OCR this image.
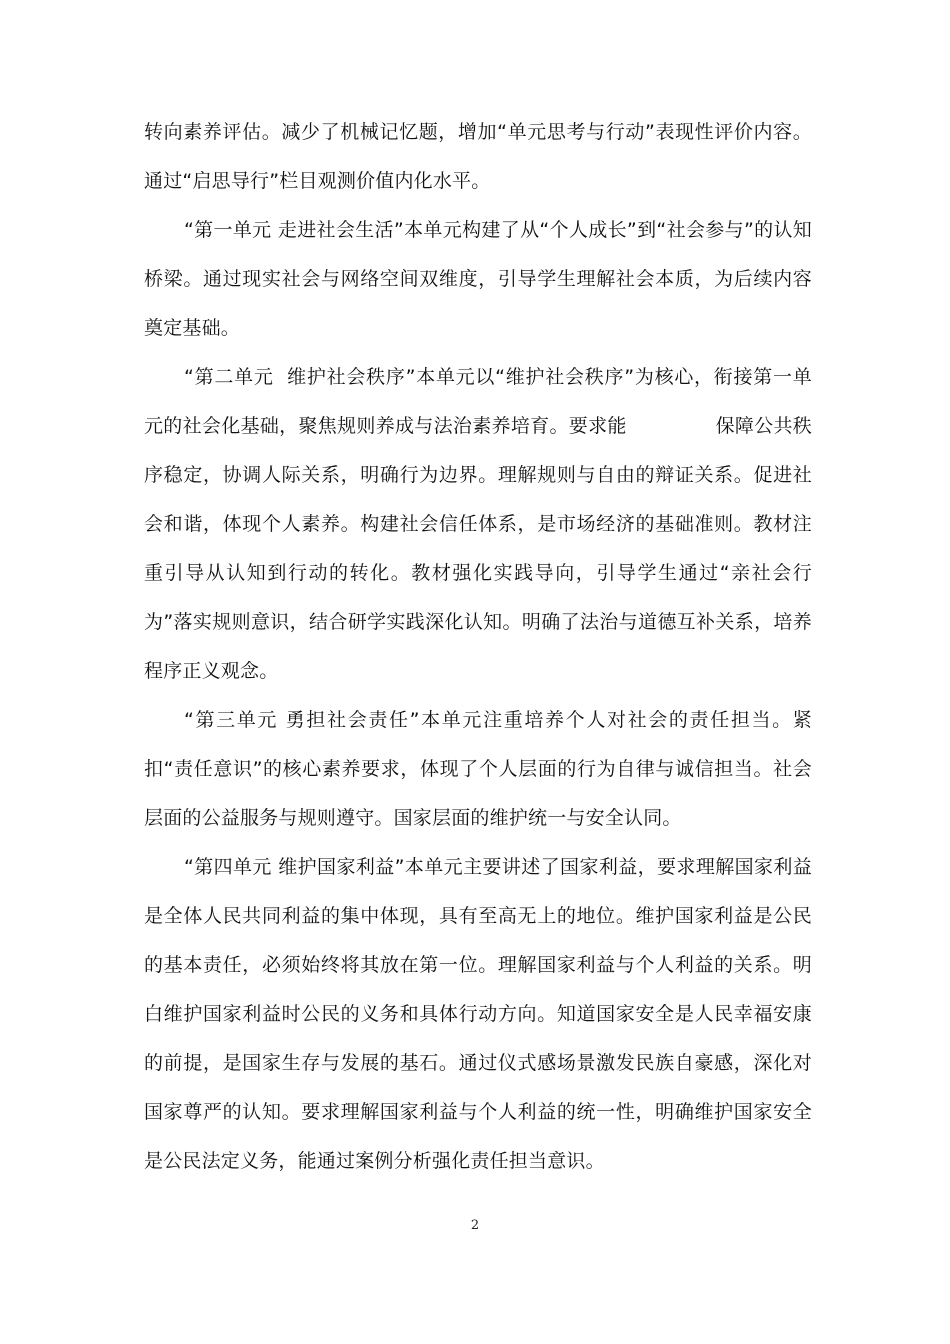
转向素养评估。减少了机械记忆题，增加“单元思考与行动”表现性评价内容。通过“启思导行”栏目观测价值内化水平。

“第一单元 走进社会生活”本单元构建了从“个人成长”到“社会参与”的认知桥梁。通过现实社会与网络空间双维度，引导学生理解社会本质，为后续内容奠定基础。

“第二单元  维护社会秩序”本单元以“维护社会秩序”为核心，衔接第一单元的社会化基础，聚焦规则养成与法治素养培育。要求能              保障公共秩序稳定，协调人际关系，明确行为边界。理解规则与自由的辩证关系。促进社会和谐，体现个人素养。构建社会信任体系，是市场经济的基础准则。教材注重引导从认知到行动的转化。教材强化实践导向，引导学生通过“亲社会行为”落实规则意识，结合研学实践深化认知。明确了法治与道德互补关系，培养程序正义观念。

“第三单元 勇担社会责任”本单元注重培养个人对社会的责任担当。紧扣“责任意识”的核心素养要求，体现了个人层面的行为自律与诚信担当。社会层面的公益服务与规则遵守。国家层面的维护统一与安全认同。

“第四单元 维护国家利益”本单元主要讲述了国家利益，要求理解国家利益是全体人民共同利益的集中体现，具有至高无上的地位。维护国家利益是公民的基本责任，必须始终将其放在第一位。理解国家利益与个人利益的关系。明白维护国家利益时公民的义务和具体行动方向。知道国家安全是人民幸福安康的前提，是国家生存与发展的基石。通过仪式感场景激发民族自豪感，深化对国家尊严的认知。要求理解国家利益与个人利益的统一性，明确维护国家安全是公民法定义务，能通过案例分析强化责任担当意识。

2
